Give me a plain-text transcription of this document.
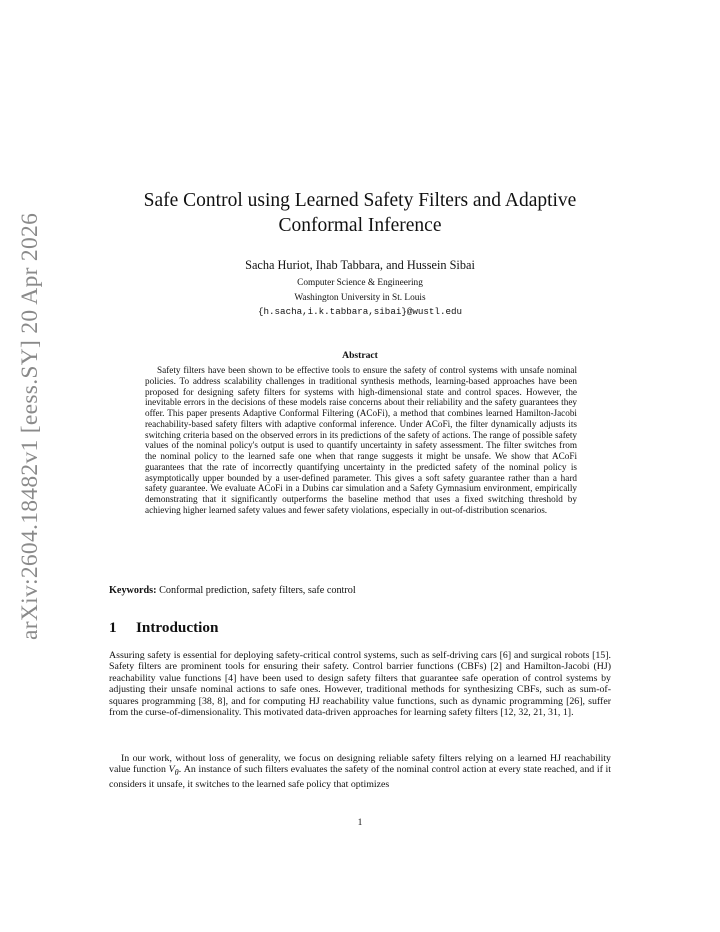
arXiv:2604.18482v1 [eess.SY] 20 Apr 2026
Safe Control using Learned Safety Filters and Adaptive Conformal Inference
Sacha Huriot, Ihab Tabbara, and Hussein Sibai
Computer Science & Engineering
Washington University in St. Louis
{h.sacha,i.k.tabbara,sibai}@wustl.edu
Abstract

Safety filters have been shown to be effective tools to ensure the safety of control systems with unsafe nominal policies. To address scalability challenges in traditional synthesis methods, learning-based approaches have been proposed for designing safety filters for systems with high-dimensional state and control spaces. However, the inevitable errors in the decisions of these models raise concerns about their reliability and the safety guarantees they offer. This paper presents Adaptive Conformal Filtering (ACoFi), a method that combines learned Hamilton-Jacobi reachability-based safety filters with adaptive conformal inference. Under ACoFi, the filter dynamically adjusts its switching criteria based on the observed errors in its predictions of the safety of actions. The range of possible safety values of the nominal policy's output is used to quantify uncertainty in safety assessment. The filter switches from the nominal policy to the learned safe one when that range suggests it might be unsafe. We show that ACoFi guarantees that the rate of incorrectly quantifying uncertainty in the predicted safety of the nominal policy is asymptotically upper bounded by a user-defined parameter. This gives a soft safety guarantee rather than a hard safety guarantee. We evaluate ACoFi in a Dubins car simulation and a Safety Gymnasium environment, empirically demonstrating that it significantly outperforms the baseline method that uses a fixed switching threshold by achieving higher learned safety values and fewer safety violations, especially in out-of-distribution scenarios.

Keywords: Conformal prediction, safety filters, safe control
1 Introduction

Assuring safety is essential for deploying safety-critical control systems, such as self-driving cars [6] and surgical robots [15]. Safety filters are prominent tools for ensuring their safety. Control barrier functions (CBFs) [2] and Hamilton-Jacobi (HJ) reachability value functions [4] have been used to design safety filters that guarantee safe operation of control systems by adjusting their unsafe nominal actions to safe ones. However, traditional methods for synthesizing CBFs, such as sum-of-squares programming [38, 8], and for computing HJ reachability value functions, such as dynamic programming [26], suffer from the curse-of-dimensionality. This motivated data-driven approaches for learning safety filters [12, 32, 21, 31, 1].

In our work, without loss of generality, we focus on designing reliable safety filters relying on a learned HJ reachability value function $V_\theta$. An instance of such filters evaluates the safety of the nominal control action at every state reached, and if it considers it unsafe, it switches to the learned safe policy that optimizes

1
